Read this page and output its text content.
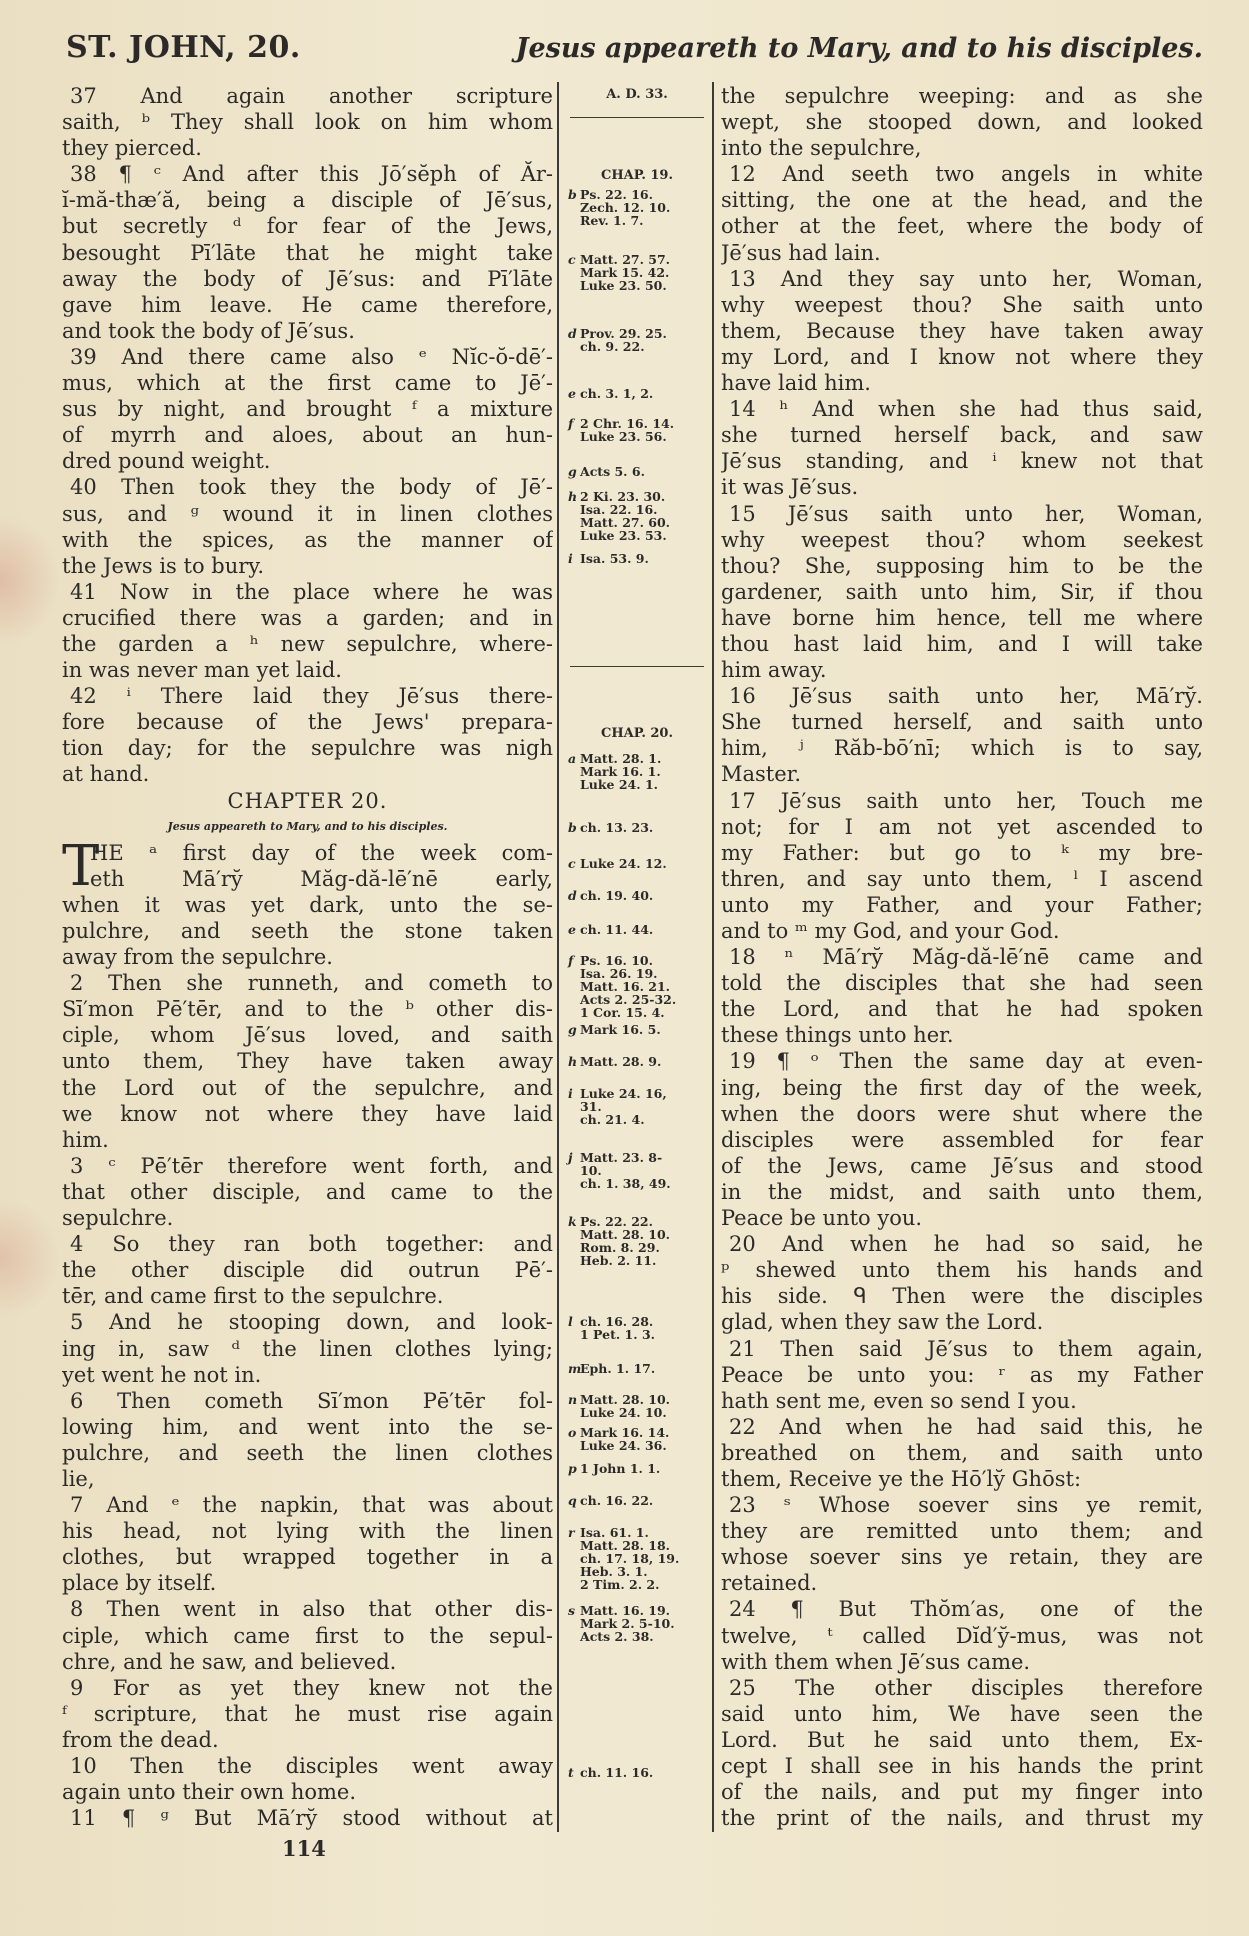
ST. JOHN, 20.	Jesus appeareth to Mary, and to his disciples.
37 And again another scripture
saith, ᵇ They shall look on him whom
they pierced.
38 ¶ ᶜ And after this Jō′sĕph of Ăr-
ĭ-mă-thæ′ă, being a disciple of Jē′sus,
but secretly ᵈ for fear of the Jews,
besought Pī′lāte that he might take
away the body of Jē′sus: and Pī′lāte
gave him leave. He came therefore,
and took the body of Jē′sus.
39 And there came also ᵉ Nĭc-ŏ-dē′-
mus, which at the first came to Jē′-
sus by night, and brought ᶠ a mixture
of myrrh and aloes, about an hun-
dred pound weight.
40 Then took they the body of Jē′-
sus, and ᵍ wound it in linen clothes
with the spices, as the manner of
the Jews is to bury.
41 Now in the place where he was
crucified there was a garden; and in
the garden a ʰ new sepulchre, where-
in was never man yet laid.
42 ⁱ There laid they Jē′sus there-
fore because of the Jews' prepara-
tion day; for the sepulchre was nigh
at hand.
CHAPTER 20.
Jesus appeareth to Mary, and to his disciples.
T
HE ᵃ first day of the week com-
eth Mā′ry̆ Măg-dă-lē′nē early,
when it was yet dark, unto the se-
pulchre, and seeth the stone taken
away from the sepulchre.
2 Then she runneth, and cometh to
Sī′mon Pē′tēr, and to the ᵇ other dis-
ciple, whom Jē′sus loved, and saith
unto them, They have taken away
the Lord out of the sepulchre, and
we know not where they have laid
him.
3 ᶜ Pē′tēr therefore went forth, and
that other disciple, and came to the
sepulchre.
4 So they ran both together: and
the other disciple did outrun Pē′-
tēr, and came first to the sepulchre.
5 And he stooping down, and look-
ing in, saw ᵈ the linen clothes lying;
yet went he not in.
6 Then cometh Sī′mon Pē′tēr fol-
lowing him, and went into the se-
pulchre, and seeth the linen clothes
lie,
7 And ᵉ the napkin, that was about
his head, not lying with the linen
clothes, but wrapped together in a
place by itself.
8 Then went in also that other dis-
ciple, which came first to the sepul-
chre, and he saw, and believed.
9 For as yet they knew not the
ᶠ scripture, that he must rise again
from the dead.
10 Then the disciples went away
again unto their own home.
11 ¶ ᵍ But Mā′ry̆ stood without at
the sepulchre weeping: and as she
wept, she stooped down, and looked
into the sepulchre,
12 And seeth two angels in white
sitting, the one at the head, and the
other at the feet, where the body of
Jē′sus had lain.
13 And they say unto her, Woman,
why weepest thou? She saith unto
them, Because they have taken away
my Lord, and I know not where they
have laid him.
14 ʰ And when she had thus said,
she turned herself back, and saw
Jē′sus standing, and ⁱ knew not that
it was Jē′sus.
15 Jē′sus saith unto her, Woman,
why weepest thou? whom seekest
thou? She, supposing him to be the
gardener, saith unto him, Sir, if thou
have borne him hence, tell me where
thou hast laid him, and I will take
him away.
16 Jē′sus saith unto her, Mā′ry̆.
She turned herself, and saith unto
him, ʲ Răb-bō′nī; which is to say,
Master.
17 Jē′sus saith unto her, Touch me
not; for I am not yet ascended to
my Father: but go to ᵏ my bre-
thren, and say unto them, ˡ I ascend
unto my Father, and your Father;
and to ᵐ my God, and your God.
18 ⁿ Mā′ry̆ Măg-dă-lē′nē came and
told the disciples that she had seen
the Lord, and that he had spoken
these things unto her.
19 ¶ ᵒ Then the same day at even-
ing, being the first day of the week,
when the doors were shut where the
disciples were assembled for fear
of the Jews, came Jē′sus and stood
in the midst, and saith unto them,
Peace be unto you.
20 And when he had so said, he
ᵖ shewed unto them his hands and
his side. ᑫ Then were the disciples
glad, when they saw the Lord.
21 Then said Jē′sus to them again,
Peace be unto you: ʳ as my Father
hath sent me, even so send I you.
22 And when he had said this, he
breathed on them, and saith unto
them, Receive ye the Hō′ly̆ Ghōst:
23 ˢ Whose soever sins ye remit,
they are remitted unto them; and
whose soever sins ye retain, they are
retained.
24 ¶ But Thŏm′as, one of the
twelve, ᵗ called Dĭd′y̆-mus, was not
with them when Jē′sus came.
25 The other disciples therefore
said unto him, We have seen the
Lord. But he said unto them, Ex-
cept I shall see in his hands the print
of the nails, and put my finger into
the print of the nails, and thrust my
A. D. 33.
CHAP. 19.
CHAP. 20.
b Ps. 22. 16.

Zech. 12. 10.
Rev. 1. 7.
c Matt. 27. 57.

Mark 15. 42.
Luke 23. 50.
d Prov. 29. 25.

ch. 9. 22.
e ch. 3. 1, 2.

f 2 Chr. 16. 14.

Luke 23. 56.
g Acts 5. 6.

h 2 Ki. 23. 30.

Isa. 22. 16.
Matt. 27. 60.
Luke 23. 53.
i Isa. 53. 9.

a Matt. 28. 1.

Mark 16. 1.
Luke 24. 1.
b ch. 13. 23.

c Luke 24. 12.

d ch. 19. 40.

e ch. 11. 44.

f Ps. 16. 10.

Isa. 26. 19.
Matt. 16. 21.
Acts 2. 25-32.
1 Cor. 15. 4.
g Mark 16. 5.

h Matt. 28. 9.

i Luke 24. 16,

31.
ch. 21. 4.
j Matt. 23. 8-

10.
ch. 1. 38, 49.
k Ps. 22. 22.

Matt. 28. 10.
Rom. 8. 29.
Heb. 2. 11.
l ch. 16. 28.

1 Pet. 1. 3.
mEph. 1. 17.

n Matt. 28. 10.

Luke 24. 10.
o Mark 16. 14.

Luke 24. 36.
p 1 John 1. 1.

q ch. 16. 22.

r Isa. 61. 1.

Matt. 28. 18.
ch. 17. 18, 19.
Heb. 3. 1.
2 Tim. 2. 2.
s Matt. 16. 19.

Mark 2. 5-10.
Acts 2. 38.
t ch. 11. 16.

114
